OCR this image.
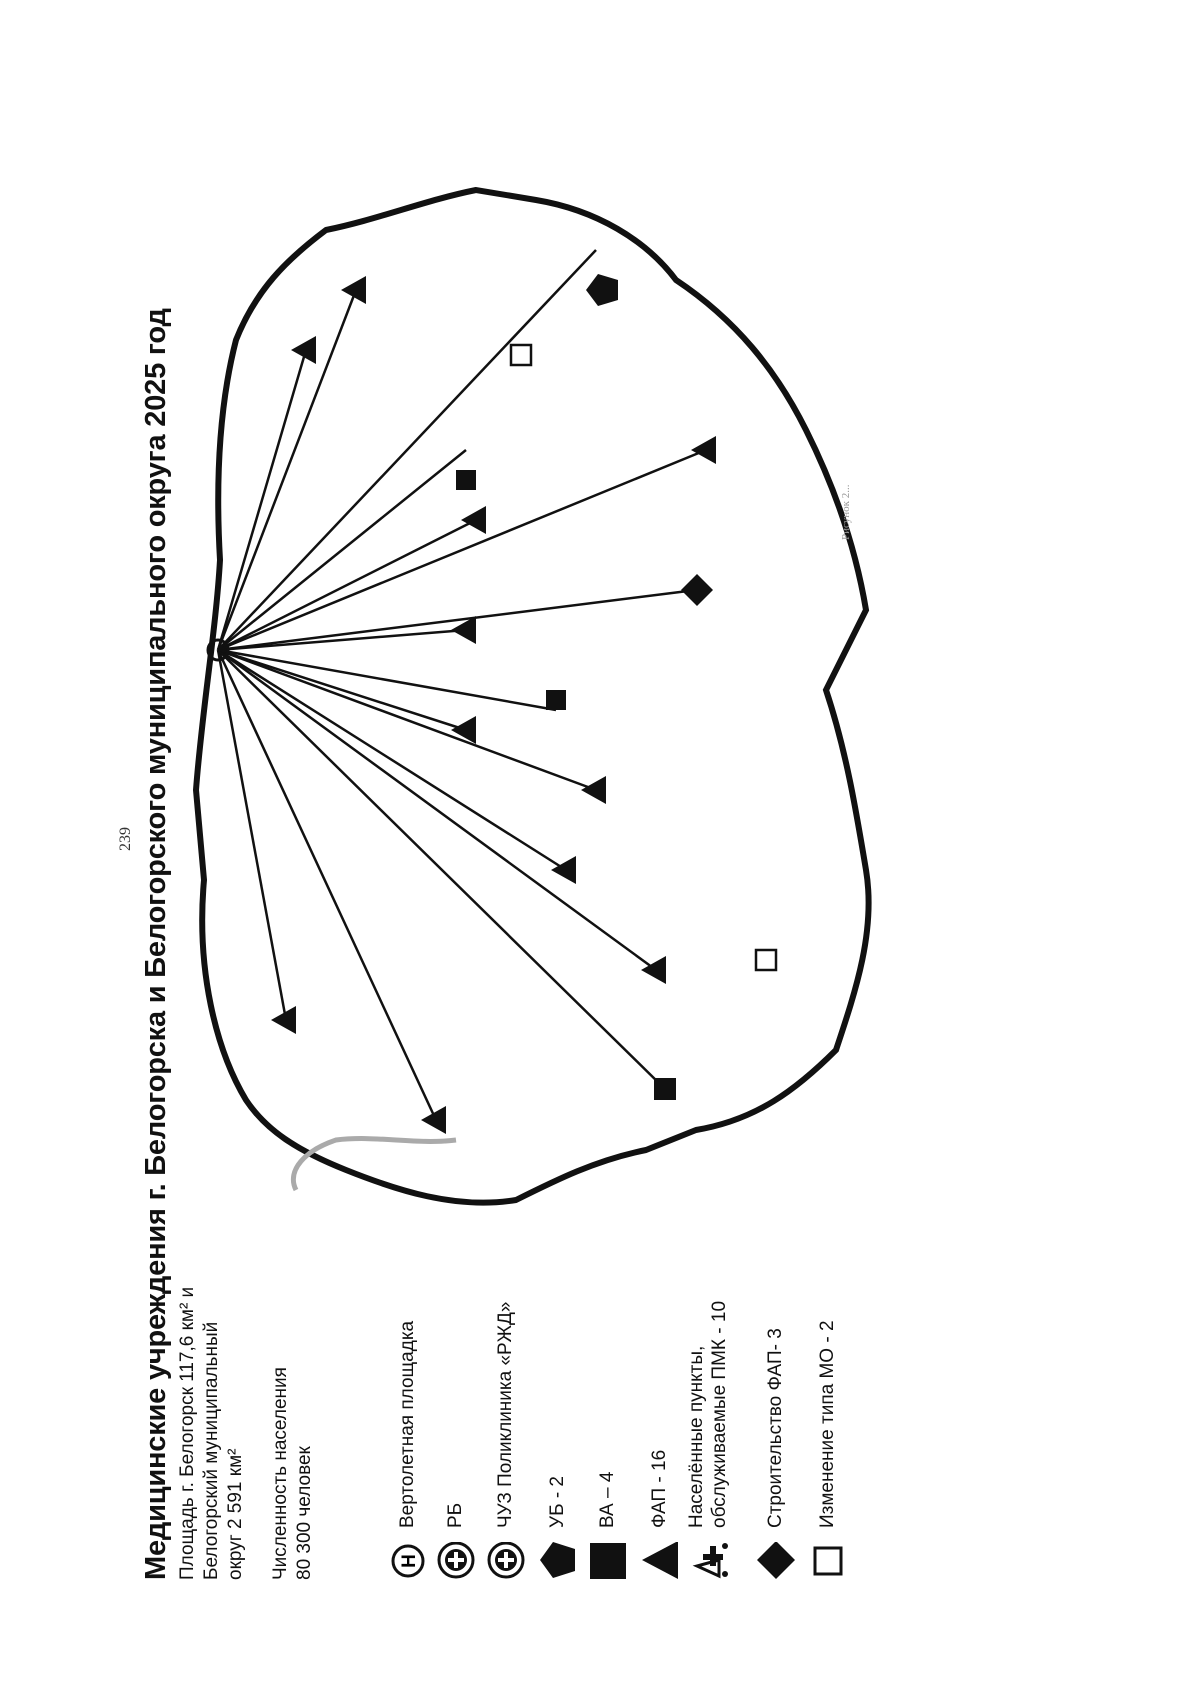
239 Медицинские учреждения г. Белогорска и Белогорского муниципального округа 2025 год Площадь г. Белогорск 117,6 км² и Белогорский муниципальный округ 2 591 км² Численность населения 80 300 человек	H
Вертолетная площадка РБ ЧУЗ Поликлиника «РЖД» УБ - 2 ВА – 4 ФАП - 16 Населённые пункты, обслуживаемые ПМК - 10 Строительство ФАП- 3 Изменение типа МО - 2
Рисунок 2...
